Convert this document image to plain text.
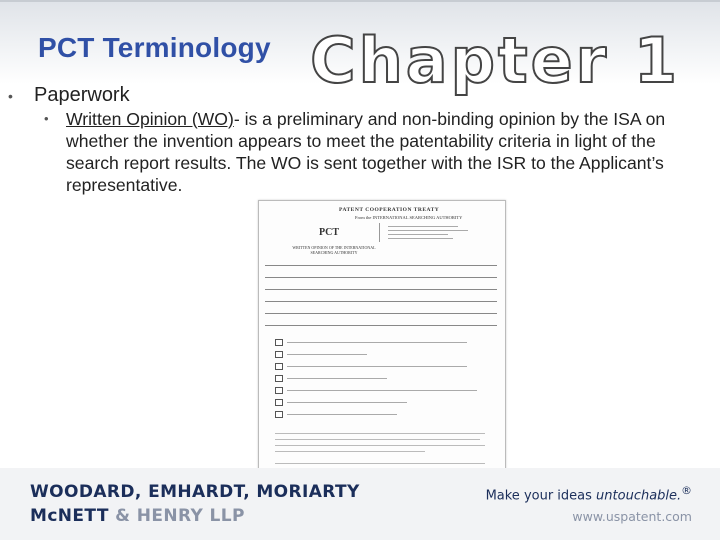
PCT Terminology Chapter 1
• Paperwork
• Written Opinion (WO)- is a preliminary and non-binding opinion by the ISA on whether the invention appears to meet the patentability criteria in light of the search report results. The WO is sent together with the ISR to the Applicant’s representative.
PATENT COOPERATION TREATY
From the INTERNATIONAL SEARCHING AUTHORITY
PCT
WRITTEN OPINION OF THE INTERNATIONAL SEARCHING AUTHORITY
WOODARD, EMHARDT, MORIARTY
McNETT & HENRY LLP
Make your ideas untouchable.®
www.uspatent.com
